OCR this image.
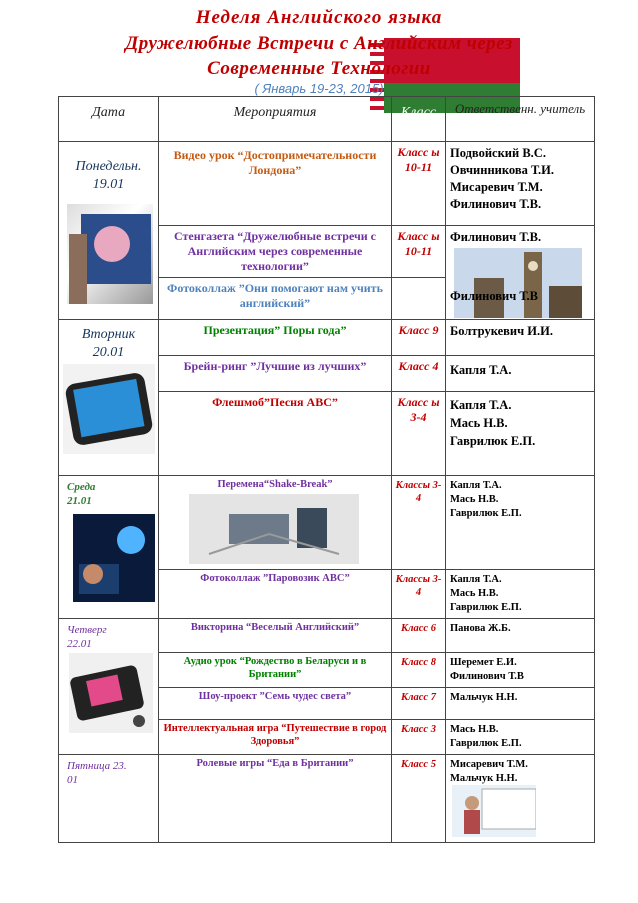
Неделя Английского языка
Дружелюбные Встречи с Английским через
Современные Технологии
( Январь 19-23, 2015)
Дата	Мероприятия	Класс	Ответственн. учитель

Понедельн. 19.01	Видео урок “Достопримечательности Лондона”	Класс ы 10-11	Подвойский В.С.
Овчинникова Т.И.
Мисаревич Т.М.
Филинович Т.В.

	Стенгазета “Дружелюбные встречи с Английским через современные технологии”	Класс ы 10-11	Филинович Т.В.
Филинович Т.В

	Фотоколлаж ”Они помогают нам учить английский”		

Вторник 20.01	Презентация” Поры года”	Класс 9	Болтрукевич И.И.

	Брейн-ринг ”Лучшие из лучших”	Класс 4	Капля Т.А.

	Флешмоб”Песня АВС”	Класс ы 3-4	Капля Т.А.
Мась Н.В.
Гаврилюк Е.П.

Среда 21.01	Перемена“Shake-Break”	Классы 3-4	Капля Т.А.
Мась Н.В.
Гаврилюк Е.П.

	Фотоколлаж ”Паровозик АВС”	Классы 3-4	Капля Т.А.
Мась Н.В.
Гаврилюк Е.П.

Четверг 22.01	Викторина “Веселый Английский”	Класс 6	Панова Ж.Б.

	Аудио урок “Рождество в Беларуси и в Британии”	Класс 8	Шеремет Е.И.
Филинович Т.В

	Шоу-проект ”Семь чудес света”	Класс 7	Мальчук Н.Н.

	Интеллектуальная игра “Путешествие в город Здоровья”	Класс 3	Мась Н.В.
Гаврилюк Е.П.

Пятница 23. 01	Ролевые игры “Еда в Британии”	Класс 5	Мисаревич Т.М.
Мальчук Н.Н.
